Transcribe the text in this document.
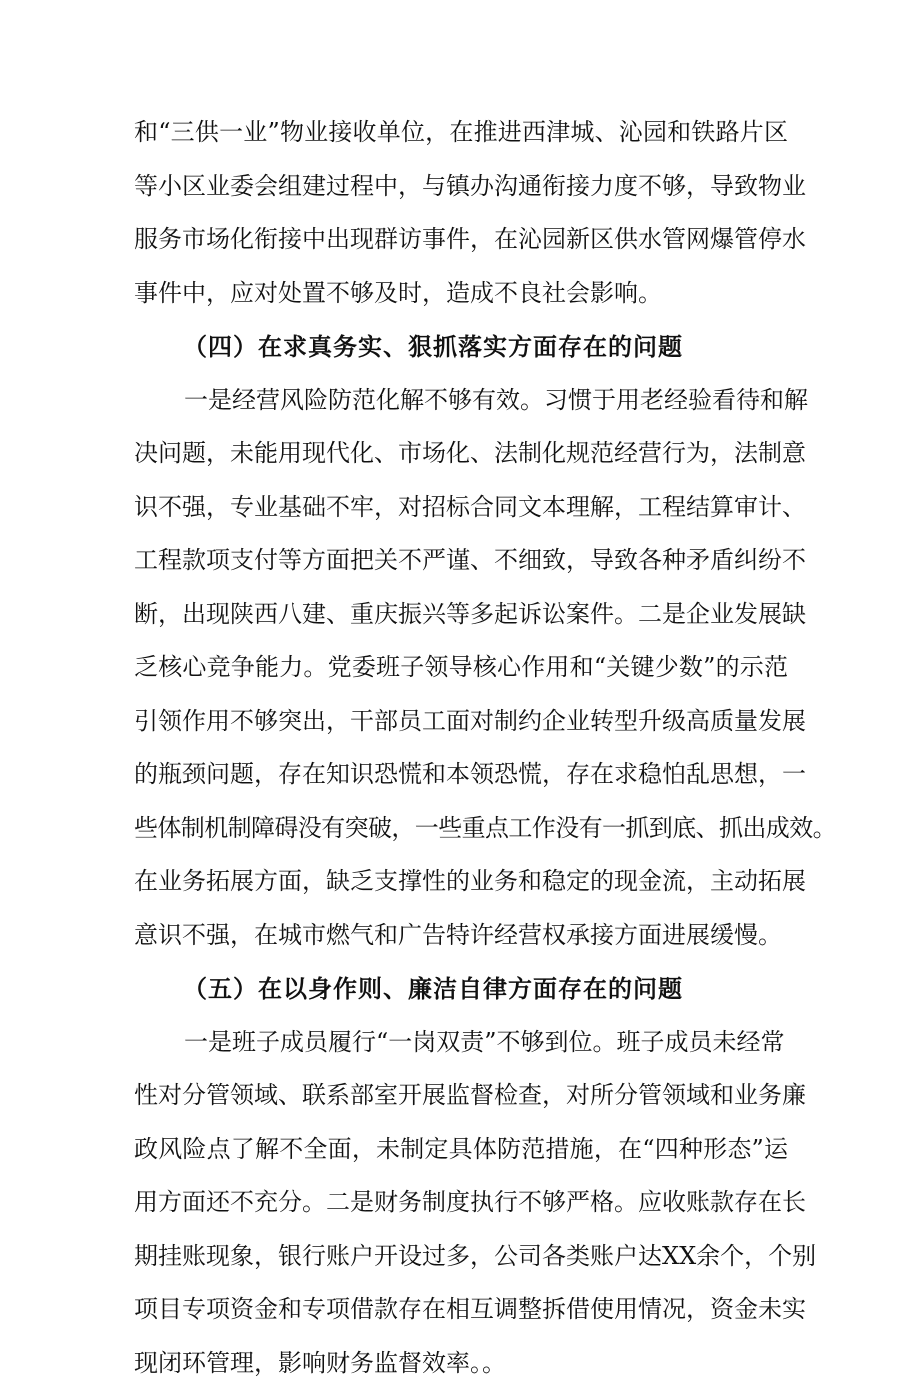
和“三供一业”物业接收单位，在推进西津城、沁园和铁路片区
等小区业委会组建过程中，与镇办沟通衔接力度不够，导致物业
服务市场化衔接中出现群访事件，在沁园新区供水管网爆管停水
事件中，应对处置不够及时，造成不良社会影响。
（四）在求真务实、狠抓落实方面存在的问题
一是经营风险防范化解不够有效。习惯于用老经验看待和解
决问题，未能用现代化、市场化、法制化规范经营行为，法制意
识不强，专业基础不牢，对招标合同文本理解，工程结算审计、
工程款项支付等方面把关不严谨、不细致，导致各种矛盾纠纷不
断，出现陕西八建、重庆振兴等多起诉讼案件。二是企业发展缺
乏核心竞争能力。党委班子领导核心作用和“关键少数”的示范
引领作用不够突出，干部员工面对制约企业转型升级高质量发展
的瓶颈问题，存在知识恐慌和本领恐慌，存在求稳怕乱思想，一
些体制机制障碍没有突破，一些重点工作没有一抓到底、抓出成效。
在业务拓展方面，缺乏支撑性的业务和稳定的现金流，主动拓展
意识不强，在城市燃气和广告特许经营权承接方面进展缓慢。
（五）在以身作则、廉洁自律方面存在的问题
一是班子成员履行“一岗双责”不够到位。班子成员未经常
性对分管领域、联系部室开展监督检查，对所分管领域和业务廉
政风险点了解不全面，未制定具体防范措施，在“四种形态”运
用方面还不充分。二是财务制度执行不够严格。应收账款存在长
期挂账现象，银行账户开设过多，公司各类账户达XX余个，个别
项目专项资金和专项借款存在相互调整拆借使用情况，资金未实
现闭环管理，影响财务监督效率。。
